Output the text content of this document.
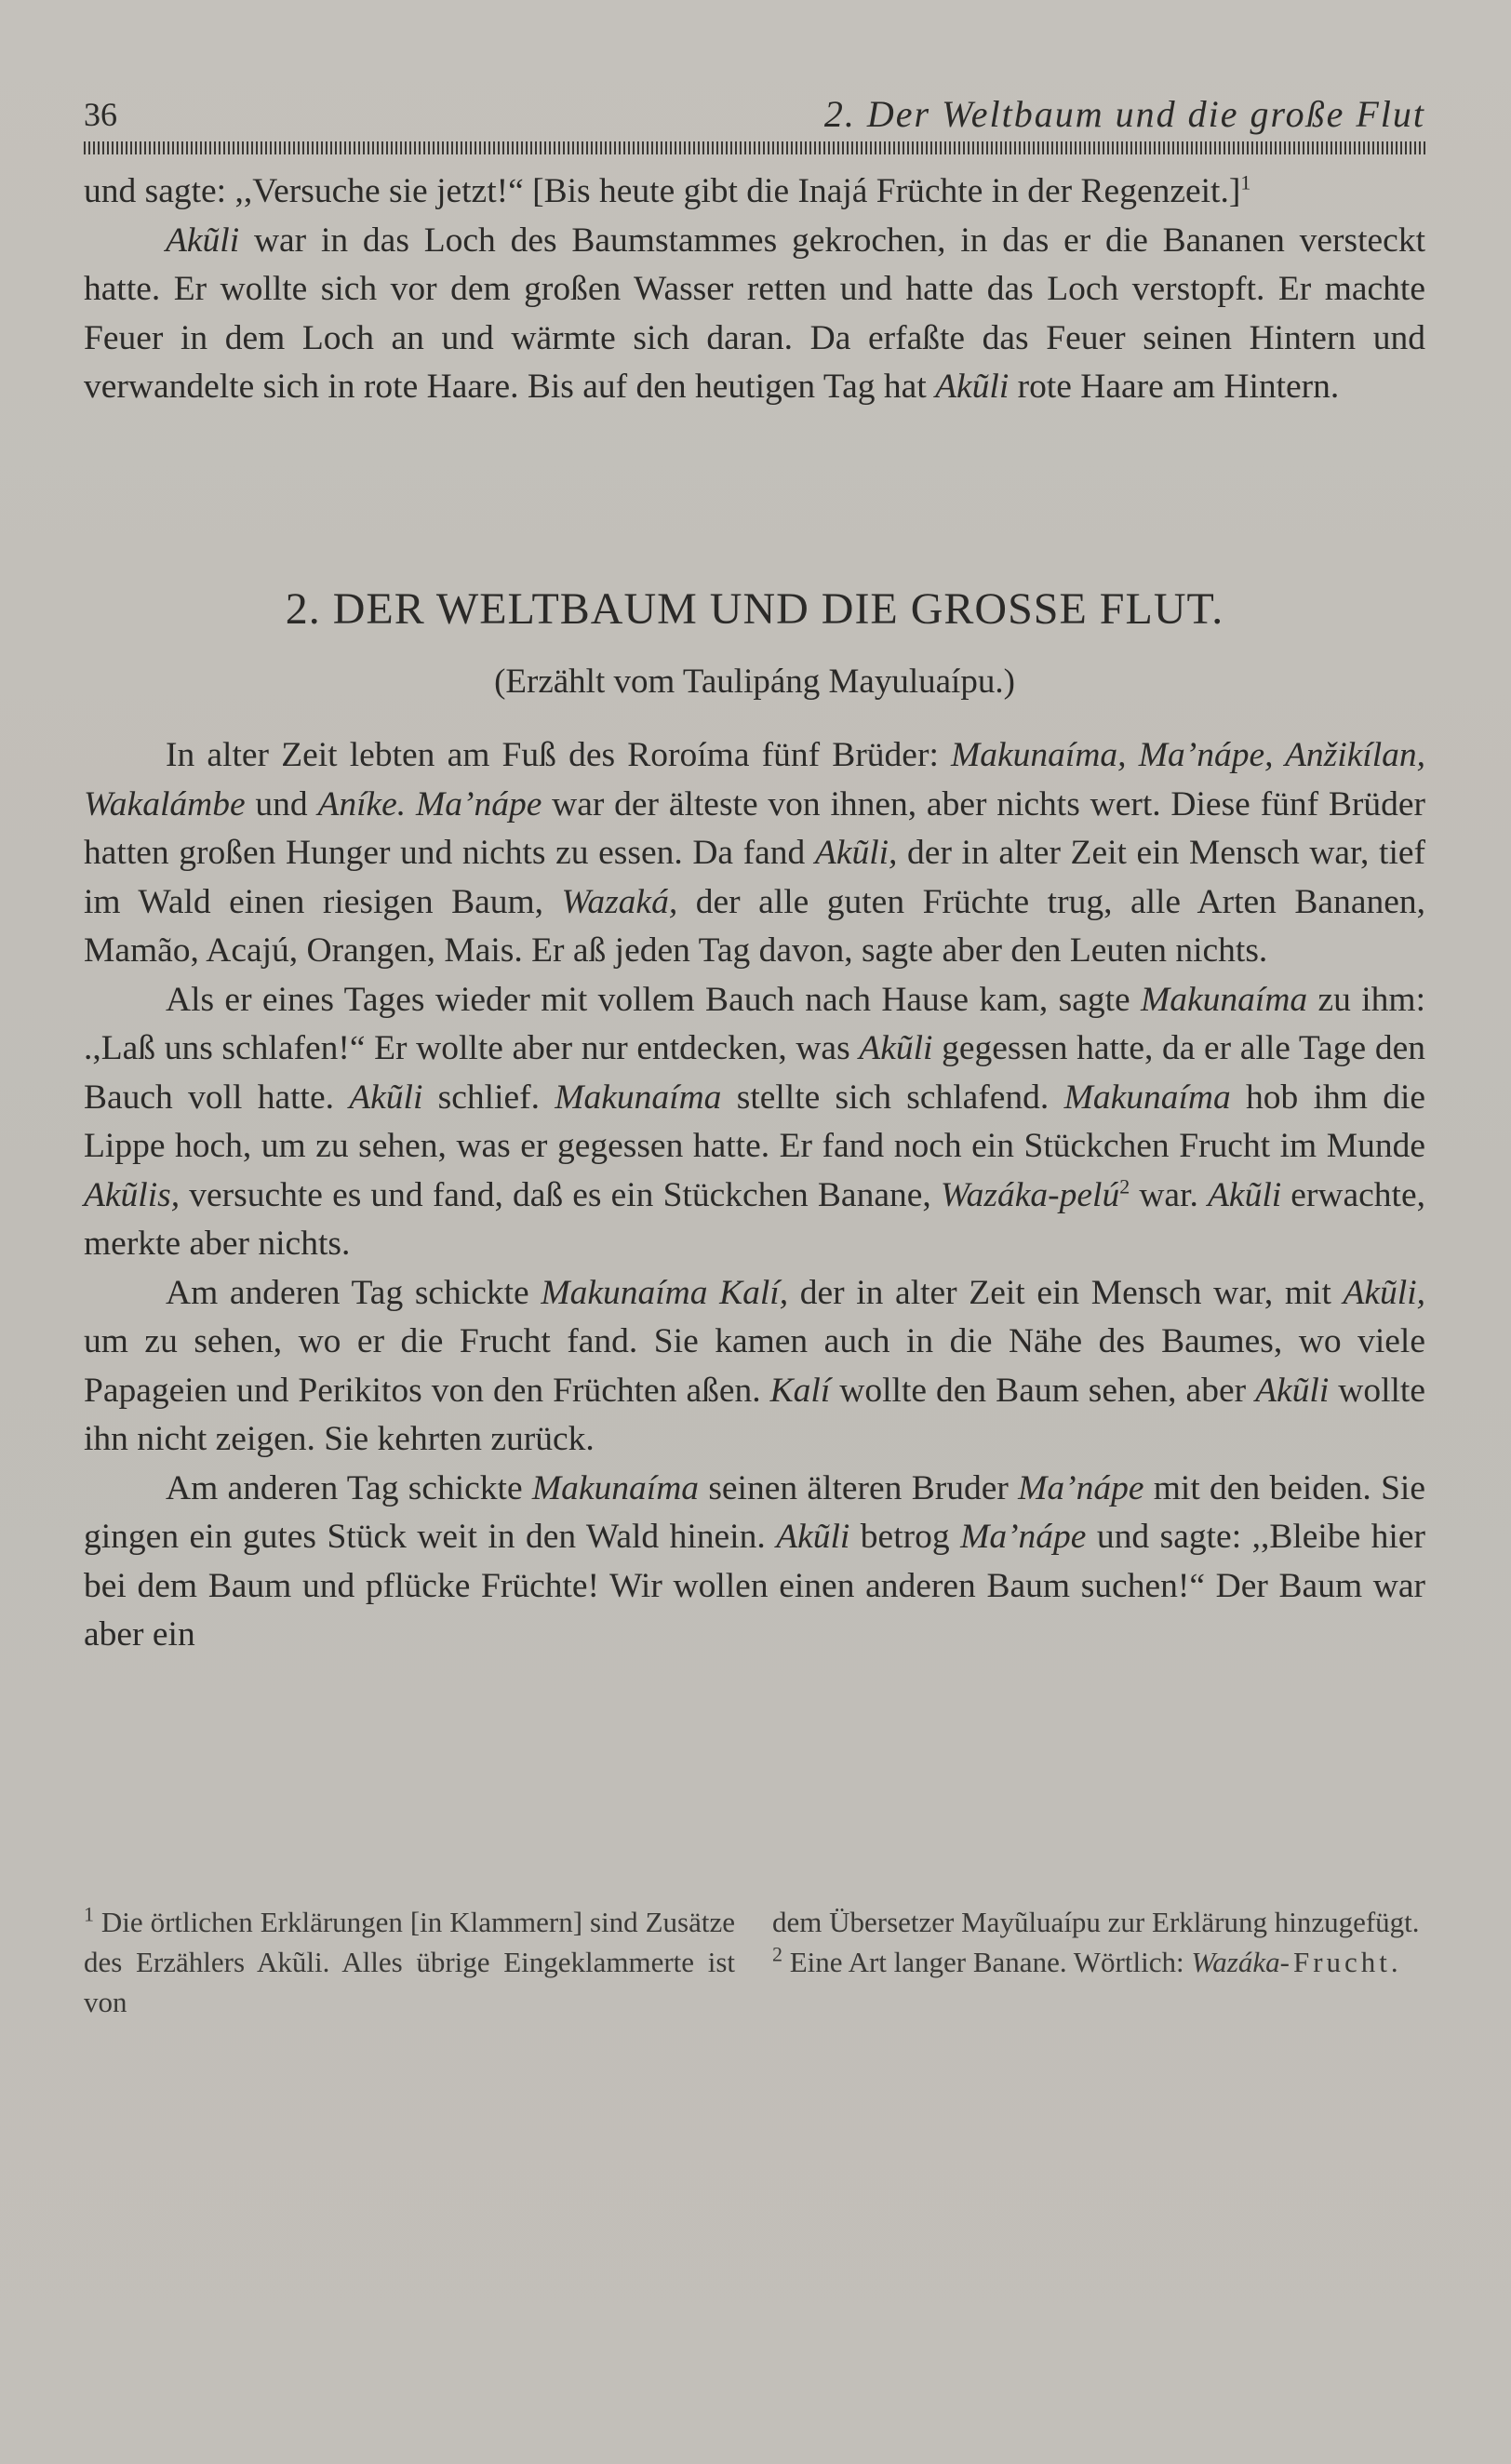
36	2. Der Weltbaum und die große Flut

und sagte: ,,Versuche sie jetzt!“ [Bis heute gibt die Inajá Früchte in der Regenzeit.]$^1$

Akũli war in das Loch des Baumstammes gekrochen, in das er die Bananen versteckt hatte. Er wollte sich vor dem großen Wasser retten und hatte das Loch verstopft. Er machte Feuer in dem Loch an und wärmte sich daran. Da erfaßte das Feuer seinen Hintern und verwandelte sich in rote Haare. Bis auf den heutigen Tag hat Akũli rote Haare am Hintern.

2. DER WELTBAUM UND DIE GROSSE FLUT.
(Erzählt vom Taulipáng Mayuluaípu.)

In alter Zeit lebten am Fuß des Roroíma fünf Brüder: Makunaíma, Ma’nápe, Anžikílan, Wakalámbe und Aníke. Ma’nápe war der älteste von ihnen, aber nichts wert. Diese fünf Brüder hatten großen Hunger und nichts zu essen. Da fand Akũli, der in alter Zeit ein Mensch war, tief im Wald einen riesigen Baum, Wazaká, der alle guten Früchte trug, alle Arten Bananen, Mamão, Acajú, Orangen, Mais. Er aß jeden Tag davon, sagte aber den Leuten nichts.

Als er eines Tages wieder mit vollem Bauch nach Hause kam, sagte Makunaíma zu ihm: .,Laß uns schlafen!“ Er wollte aber nur entdecken, was Akũli gegessen hatte, da er alle Tage den Bauch voll hatte. Akũli schlief. Makunaíma stellte sich schlafend. Makunaíma hob ihm die Lippe hoch, um zu sehen, was er gegessen hatte. Er fand noch ein Stückchen Frucht im Munde Akũlis, versuchte es und fand, daß es ein Stückchen Banane, Wazáka-pelú$^2$ war. Akũli erwachte, merkte aber nichts.

Am anderen Tag schickte Makunaíma Kalí, der in alter Zeit ein Mensch war, mit Akũli, um zu sehen, wo er die Frucht fand. Sie kamen auch in die Nähe des Baumes, wo viele Papageien und Perikitos von den Früchten aßen. Kalí wollte den Baum sehen, aber Akũli wollte ihn nicht zeigen. Sie kehrten zurück.

Am anderen Tag schickte Makunaíma seinen älteren Bruder Ma’nápe mit den beiden. Sie gingen ein gutes Stück weit in den Wald hinein. Akũli betrog Ma’nápe und sagte: ,,Bleibe hier bei dem Baum und pflücke Früchte! Wir wollen einen anderen Baum suchen!“ Der Baum war aber ein

$^1$ Die örtlichen Erklärungen [in Klammern] sind Zusätze des Erzählers Akũli. Alles übrige Eingeklammerte ist von

dem Übersetzer Mayũluaípu zur Erklärung hinzugefügt.

$^2$ Eine Art langer Banane. Wörtlich: Wazáka-Frucht.
